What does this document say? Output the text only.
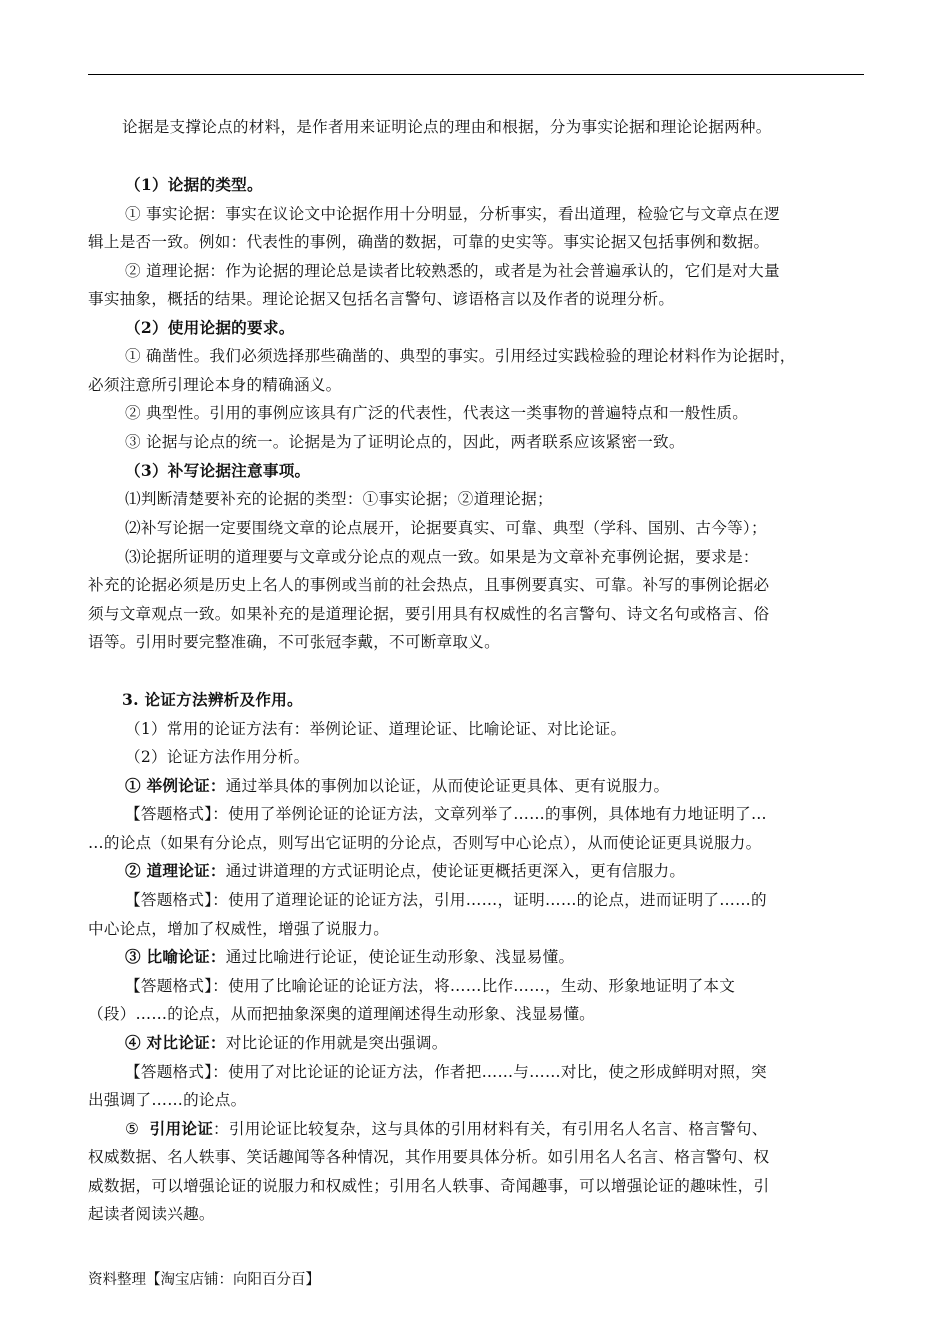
论据是支撑论点的材料，是作者用来证明论点的理由和根据，分为事实论据和理论论据两种。
（1）论据的类型。
① 事实论据：事实在议论文中论据作用十分明显，分析事实，看出道理，检验它与文章点在逻
辑上是否一致。例如：代表性的事例，确凿的数据，可靠的史实等。事实论据又包括事例和数据。
② 道理论据：作为论据的理论总是读者比较熟悉的，或者是为社会普遍承认的，它们是对大量
事实抽象，概括的结果。理论论据又包括名言警句、谚语格言以及作者的说理分析。
（2）使用论据的要求。
① 确凿性。我们必须选择那些确凿的、典型的事实。引用经过实践检验的理论材料作为论据时，
必须注意所引理论本身的精确涵义。
② 典型性。引用的事例应该具有广泛的代表性，代表这一类事物的普遍特点和一般性质。
③ 论据与论点的统一。论据是为了证明论点的，因此，两者联系应该紧密一致。
（3）补写论据注意事项。
⑴判断清楚要补充的论据的类型：①事实论据；②道理论据；
⑵补写论据一定要围绕文章的论点展开，论据要真实、可靠、典型（学科、国别、古今等）；
⑶论据所证明的道理要与文章或分论点的观点一致。如果是为文章补充事例论据，要求是：
补充的论据必须是历史上名人的事例或当前的社会热点，且事例要真实、可靠。补写的事例论据必
须与文章观点一致。如果补充的是道理论据，要引用具有权威性的名言警句、诗文名句或格言、俗
语等。引用时要完整准确，不可张冠李戴，不可断章取义。
3. 论证方法辨析及作用。
（1）常用的论证方法有：举例论证、道理论证、比喻论证、对比论证。
（2）论证方法作用分析。
① 举例论证：通过举具体的事例加以论证，从而使论证更具体、更有说服力。
【答题格式】：使用了举例论证的论证方法，文章列举了……的事例，具体地有力地证明了…
…的论点（如果有分论点，则写出它证明的分论点，否则写中心论点），从而使论证更具说服力。
② 道理论证：通过讲道理的方式证明论点，使论证更概括更深入，更有信服力。
【答题格式】：使用了道理论证的论证方法，引用……，证明……的论点，进而证明了……的
中心论点，增加了权威性，增强了说服力。
③ 比喻论证：通过比喻进行论证，使论证生动形象、浅显易懂。
【答题格式】：使用了比喻论证的论证方法，将……比作……，生动、形象地证明了本文
（段）……的论点，从而把抽象深奥的道理阐述得生动形象、浅显易懂。
④ 对比论证：对比论证的作用就是突出强调。
【答题格式】：使用了对比论证的论证方法，作者把……与……对比，使之形成鲜明对照，突
出强调了……的论点。
⑤ 引用论证：引用论证比较复杂，这与具体的引用材料有关，有引用名人名言、格言警句、
权威数据、名人轶事、笑话趣闻等各种情况，其作用要具体分析。如引用名人名言、格言警句、权
威数据，可以增强论证的说服力和权威性；引用名人轶事、奇闻趣事，可以增强论证的趣味性，引
起读者阅读兴趣。
资料整理【淘宝店铺：向阳百分百】
